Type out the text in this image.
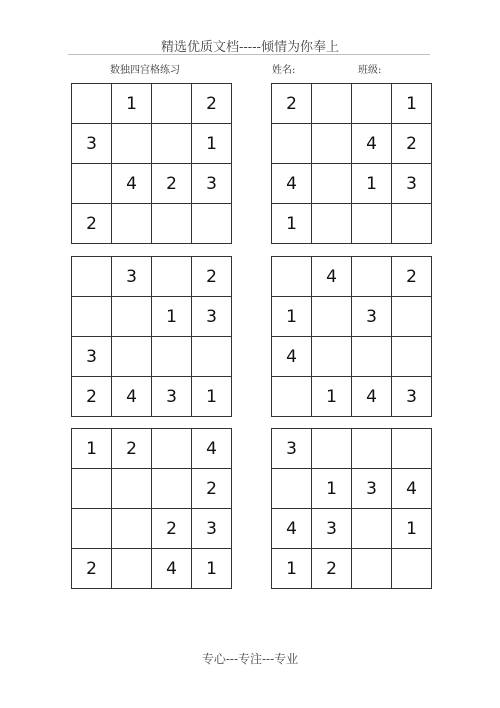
精选优质文档-----倾情为你奉上
数独四宫格练习	姓名:	班级:
	1		2
3			1
	4	2	3
2			
2			1
		4	2
4		1	3
1			
	3		2
		1	3
3			
2	4	3	1
	4		2
1		3	
4			
	1	4	3
1	2		4
			2
		2	3
2		4	1
3			
	1	3	4
4	3		1
1	2		
专心---专注---专业
